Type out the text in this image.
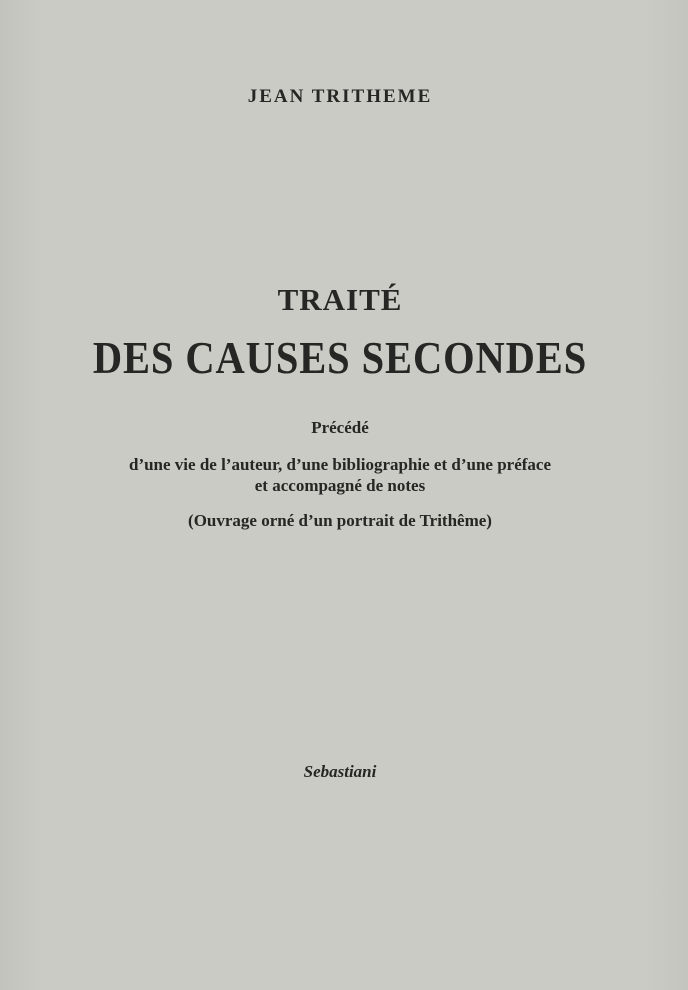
JEAN TRITHEME
TRAITÉ
DES CAUSES SECONDES
Précédé
d’une vie de l’auteur, d’une bibliographie et d’une préface
et accompagné de notes
(Ouvrage orné d’un portrait de Trithême)
Sebastiani
